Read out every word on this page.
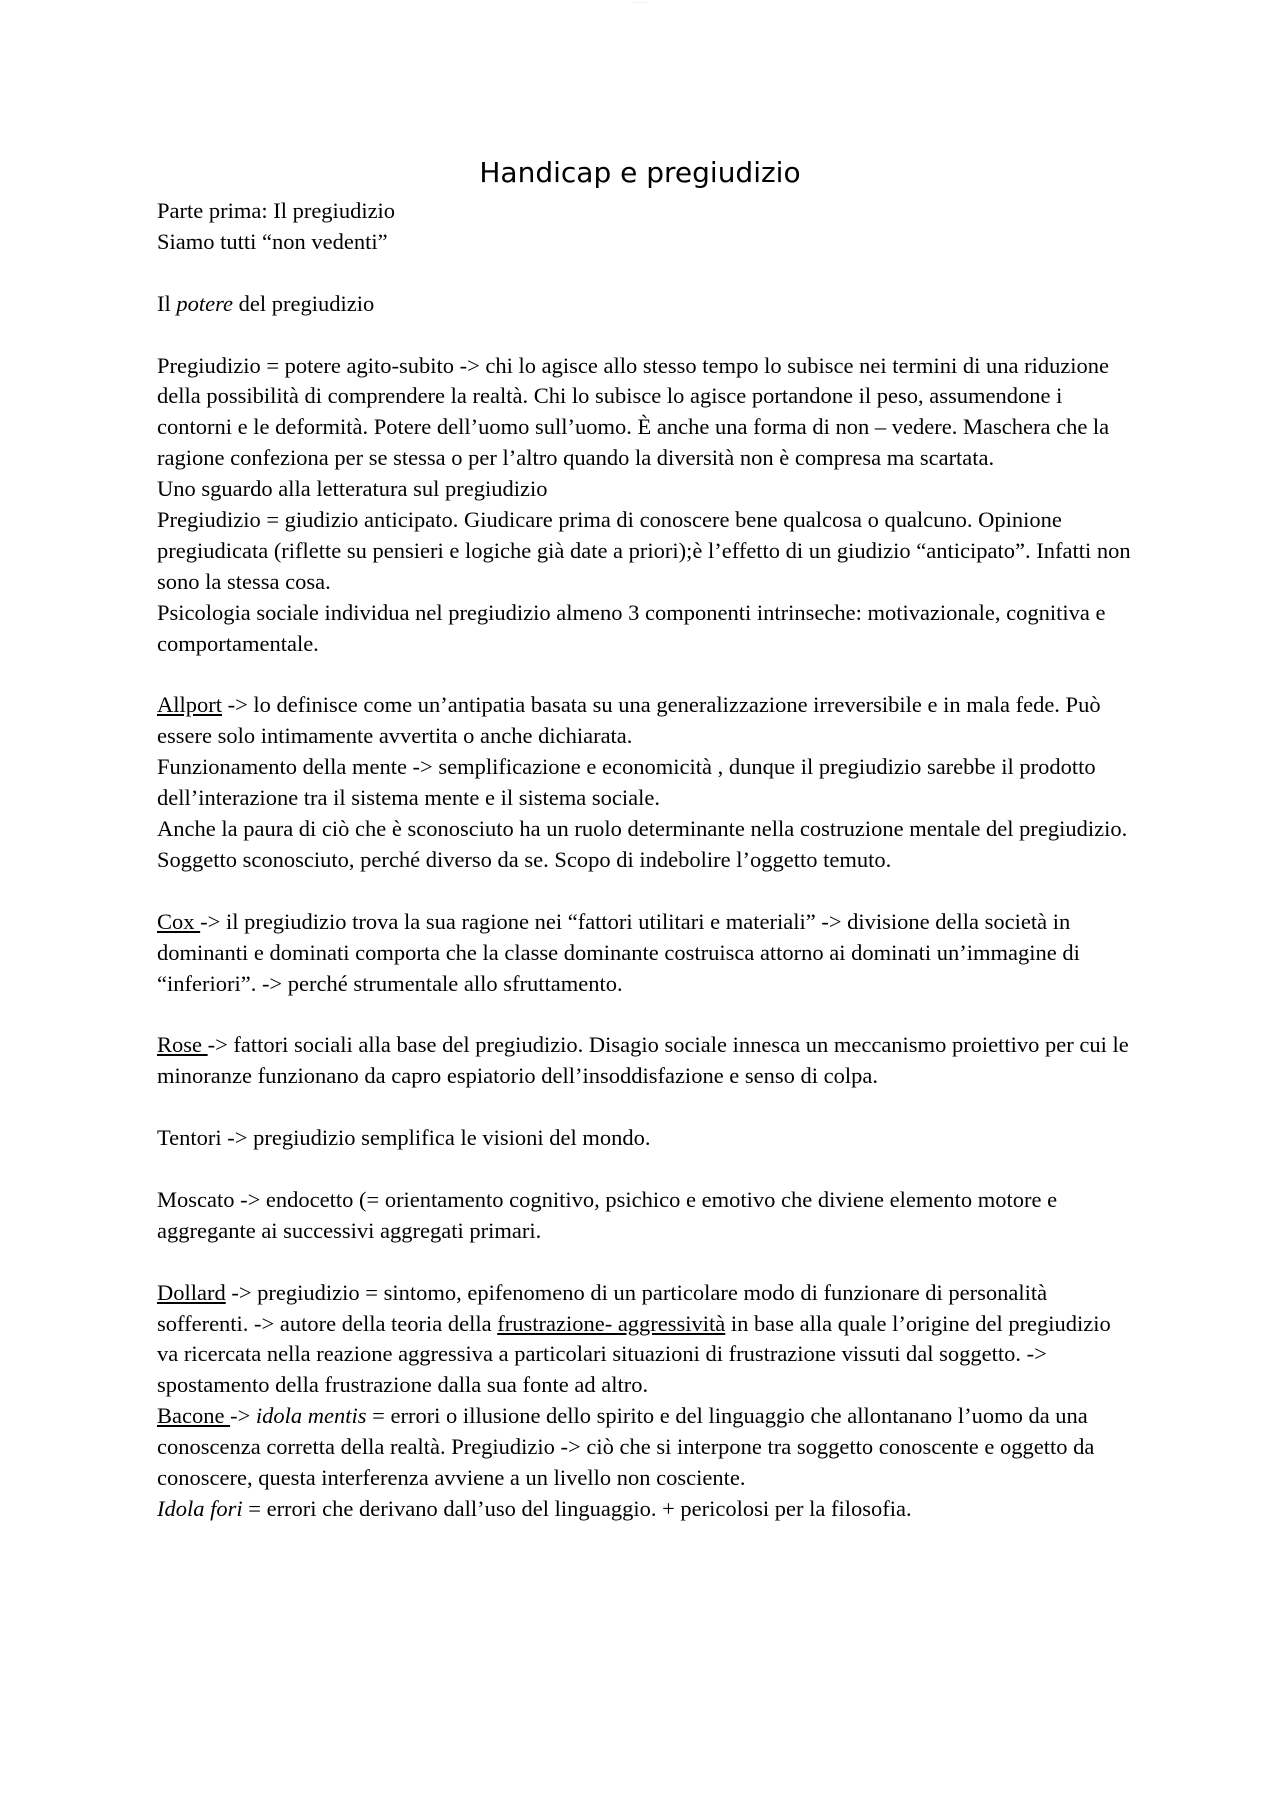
· · · · · · ·
Handicap e pregiudizio

Parte prima: Il pregiudizio

Siamo tutti “non vedenti”

Il potere del pregiudizio

Pregiudizio = potere agito-subito -> chi lo agisce allo stesso tempo lo subisce nei termini di una riduzione della possibilità di comprendere la realtà. Chi lo subisce lo agisce portandone il peso, assumendone i contorni e le deformità. Potere dell’uomo sull’uomo. È anche una forma di non – vedere. Maschera che la ragione confeziona per se stessa o per l’altro quando la diversità non è compresa ma scartata.

Uno sguardo alla letteratura sul pregiudizio

Pregiudizio = giudizio anticipato. Giudicare prima di conoscere bene qualcosa o qualcuno. Opinione pregiudicata (riflette su pensieri e logiche già date a priori);è l’effetto di un giudizio “anticipato”. Infatti non sono la stessa cosa.

Psicologia sociale individua nel pregiudizio almeno 3 componenti intrinseche: motivazionale, cognitiva e comportamentale.

Allport -> lo definisce come un’antipatia basata su una generalizzazione irreversibile e in mala fede. Può essere solo intimamente avvertita o anche dichiarata.

Funzionamento della mente -> semplificazione e economicità , dunque il pregiudizio sarebbe il prodotto dell’interazione tra il sistema mente e il sistema sociale.

Anche la paura di ciò che è sconosciuto ha un ruolo determinante nella costruzione mentale del pregiudizio. Soggetto sconosciuto, perché diverso da se. Scopo di indebolire l’oggetto temuto.

Cox -> il pregiudizio trova la sua ragione nei “fattori utilitari e materiali” -> divisione della società in dominanti e dominati comporta che la classe dominante costruisca attorno ai dominati un’immagine di “inferiori”. -> perché strumentale allo sfruttamento.

Rose -> fattori sociali alla base del pregiudizio. Disagio sociale innesca un meccanismo proiettivo per cui le minoranze funzionano da capro espiatorio dell’insoddisfazione e senso di colpa.

Tentori -> pregiudizio semplifica le visioni del mondo.

Moscato -> endocetto (= orientamento cognitivo, psichico e emotivo che diviene elemento motore e aggregante ai successivi aggregati primari.

Dollard -> pregiudizio = sintomo, epifenomeno di un particolare modo di funzionare di personalità sofferenti. -> autore della teoria della frustrazione- aggressività in base alla quale l’origine del pregiudizio va ricercata nella reazione aggressiva a particolari situazioni di frustrazione vissuti dal soggetto. -> spostamento della frustrazione dalla sua fonte ad altro.

Bacone -> idola mentis = errori o illusione dello spirito e del linguaggio che allontanano l’uomo da una conoscenza corretta della realtà. Pregiudizio -> ciò che si interpone tra soggetto conoscente e oggetto da conoscere, questa interferenza avviene a un livello non cosciente.

Idola fori = errori che derivano dall’uso del linguaggio. + pericolosi per la filosofia.
